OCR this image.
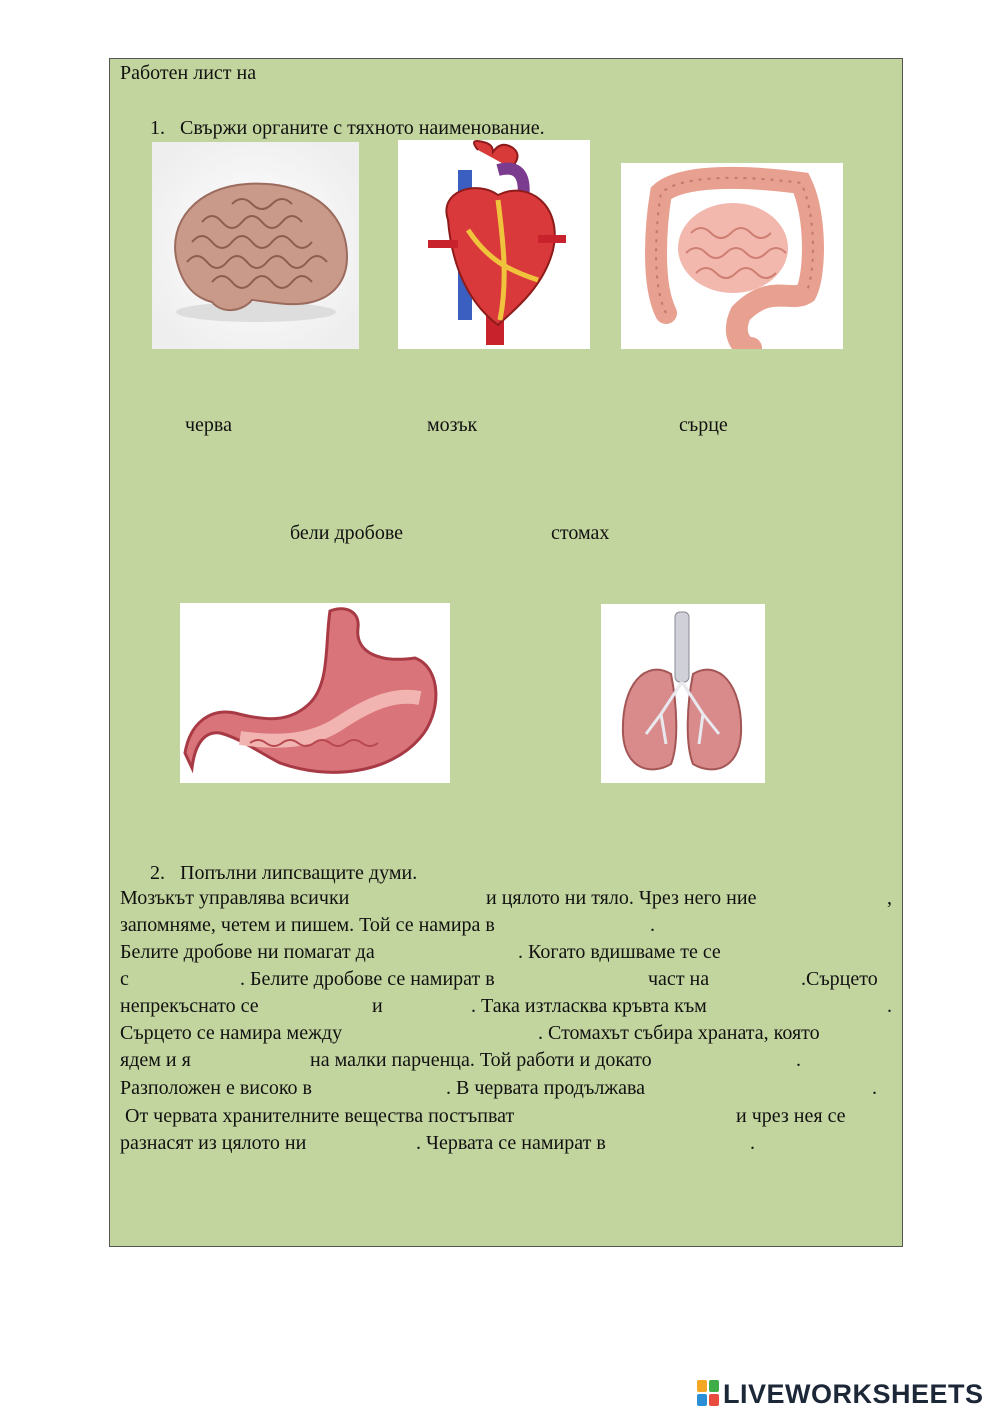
Работен лист на
1. Свържи органите с тяхното наименование.
черва	мозък	сърце
бели дробове	стомах
2. Попълни липсващите думи.
Мозъкът управлява всички	и цялото ни тяло. Чрез него ние	,
запомняме, четем и пишем. Той се намира в	.
Белите дробове ни помагат да	. Когато вдишваме те се
с	. Белите дробове се намират в	част на	.Сърцето
непрекъснато се	и	. Така изтласква кръвта към	.
Сърцето се намира между	. Стомахът събира храната, която
ядем и я	на малки парченца. Той работи и докато	.
Разположен е високо в	. В червата продължава	.
От червата хранителните вещества постъпват	и чрез нея се
разнасят из цялото ни	. Червата се намират в	.
LIVEWORKSHEETS
